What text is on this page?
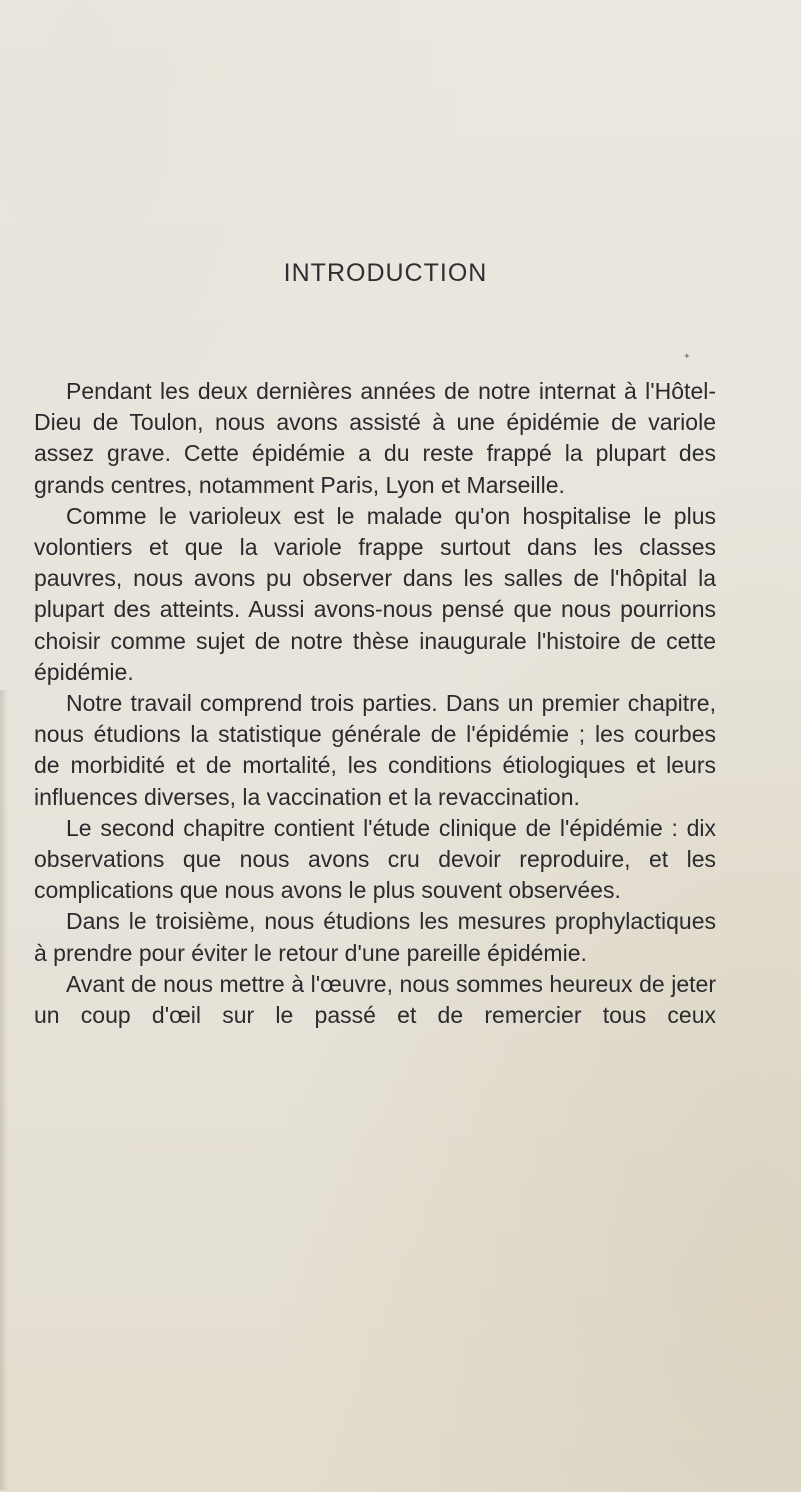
✦
INTRODUCTION

Pendant les deux dernières années de notre internat à l'Hôtel-Dieu de Toulon, nous avons assisté à une épidémie de variole assez grave. Cette épidémie a du reste frappé la plupart des grands centres, notamment Paris, Lyon et Marseille.

Comme le varioleux est le malade qu'on hospitalise le plus volontiers et que la variole frappe surtout dans les classes pauvres, nous avons pu observer dans les salles de l'hôpital la plupart des atteints. Aussi avons-nous pensé que nous pourrions choisir comme sujet de notre thèse inaugurale l'histoire de cette épidémie.

Notre travail comprend trois parties. Dans un premier chapitre, nous étudions la statistique générale de l'épidémie ; les courbes de morbidité et de mortalité, les conditions étiologiques et leurs influences diverses, la vaccination et la revaccination.

Le second chapitre contient l'étude clinique de l'épidémie : dix observations que nous avons cru devoir reproduire, et les complications que nous avons le plus souvent observées.

Dans le troisième, nous étudions les mesures prophylactiques à prendre pour éviter le retour d'une pareille épidémie.

Avant de nous mettre à l'œuvre, nous sommes heureux de jeter un coup d'œil sur le passé et de remercier tous ceux
